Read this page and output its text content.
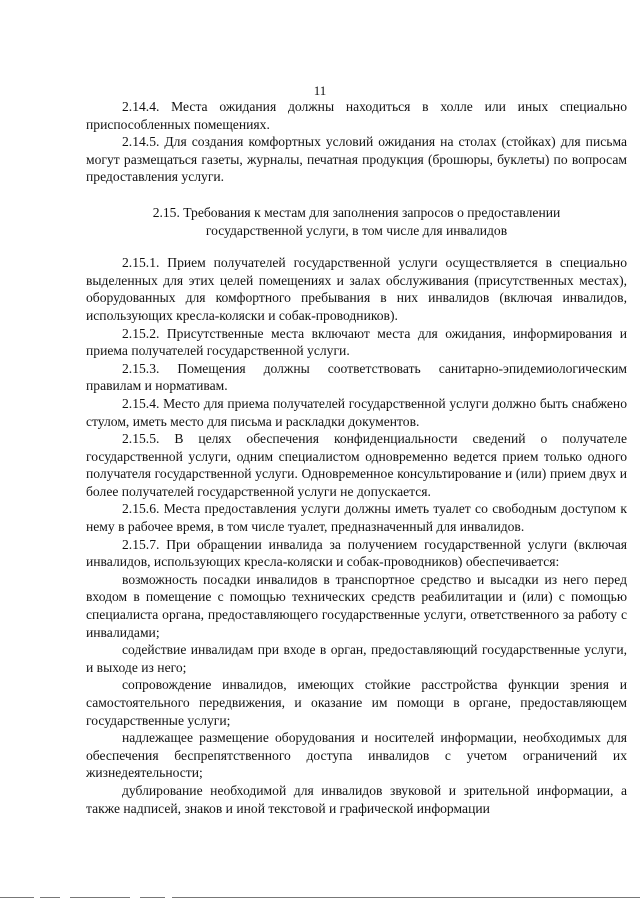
11

2.14.4. Места ожидания должны находиться в холле или иных специально приспособленных помещениях.

2.14.5. Для создания комфортных условий ожидания на столах (стойках) для письма могут размещаться газеты, журналы, печатная продукция (брошюры, буклеты) по вопросам предоставления услуги.

2.15. Требования к местам для заполнения запросов о предоставлении
государственной услуги, в том числе для инвалидов

2.15.1. Прием получателей государственной услуги осуществляется в специально выделенных для этих целей помещениях и залах обслуживания (присутственных местах), оборудованных для комфортного пребывания в них инвалидов (включая инвалидов, использующих кресла-коляски и собак-проводников).

2.15.2. Присутственные места включают места для ожидания, информирования и приема получателей государственной услуги.

2.15.3. Помещения должны соответствовать санитарно-эпидемиологическим правилам и нормативам.

2.15.4. Место для приема получателей государственной услуги должно быть снабжено стулом, иметь место для письма и раскладки документов.

2.15.5. В целях обеспечения конфиденциальности сведений о получателе государственной услуги, одним специалистом одновременно ведется прием только одного получателя государственной услуги. Одновременное консультирование и (или) прием двух и более получателей государственной услуги не допускается.

2.15.6. Места предоставления услуги должны иметь туалет со свободным доступом к нему в рабочее время, в том числе туалет, предназначенный для инвалидов.

2.15.7. При обращении инвалида за получением государственной услуги (включая инвалидов, использующих кресла-коляски и собак-проводников) обеспечивается:

возможность посадки инвалидов в транспортное средство и высадки из него перед входом в помещение с помощью технических средств реабилитации и (или) с помощью специалиста органа, предоставляющего государственные услуги, ответственного за работу с инвалидами;

содействие инвалидам при входе в орган, предоставляющий государственные услуги, и выходе из него;

сопровождение инвалидов, имеющих стойкие расстройства функции зрения и самостоятельного передвижения, и оказание им помощи в органе, предоставляющем государственные услуги;

надлежащее размещение оборудования и носителей информации, необходимых для обеспечения беспрепятственного доступа инвалидов с учетом ограничений их жизнедеятельности;

дублирование необходимой для инвалидов звуковой и зрительной информации, а также надписей, знаков и иной текстовой и графической информации
